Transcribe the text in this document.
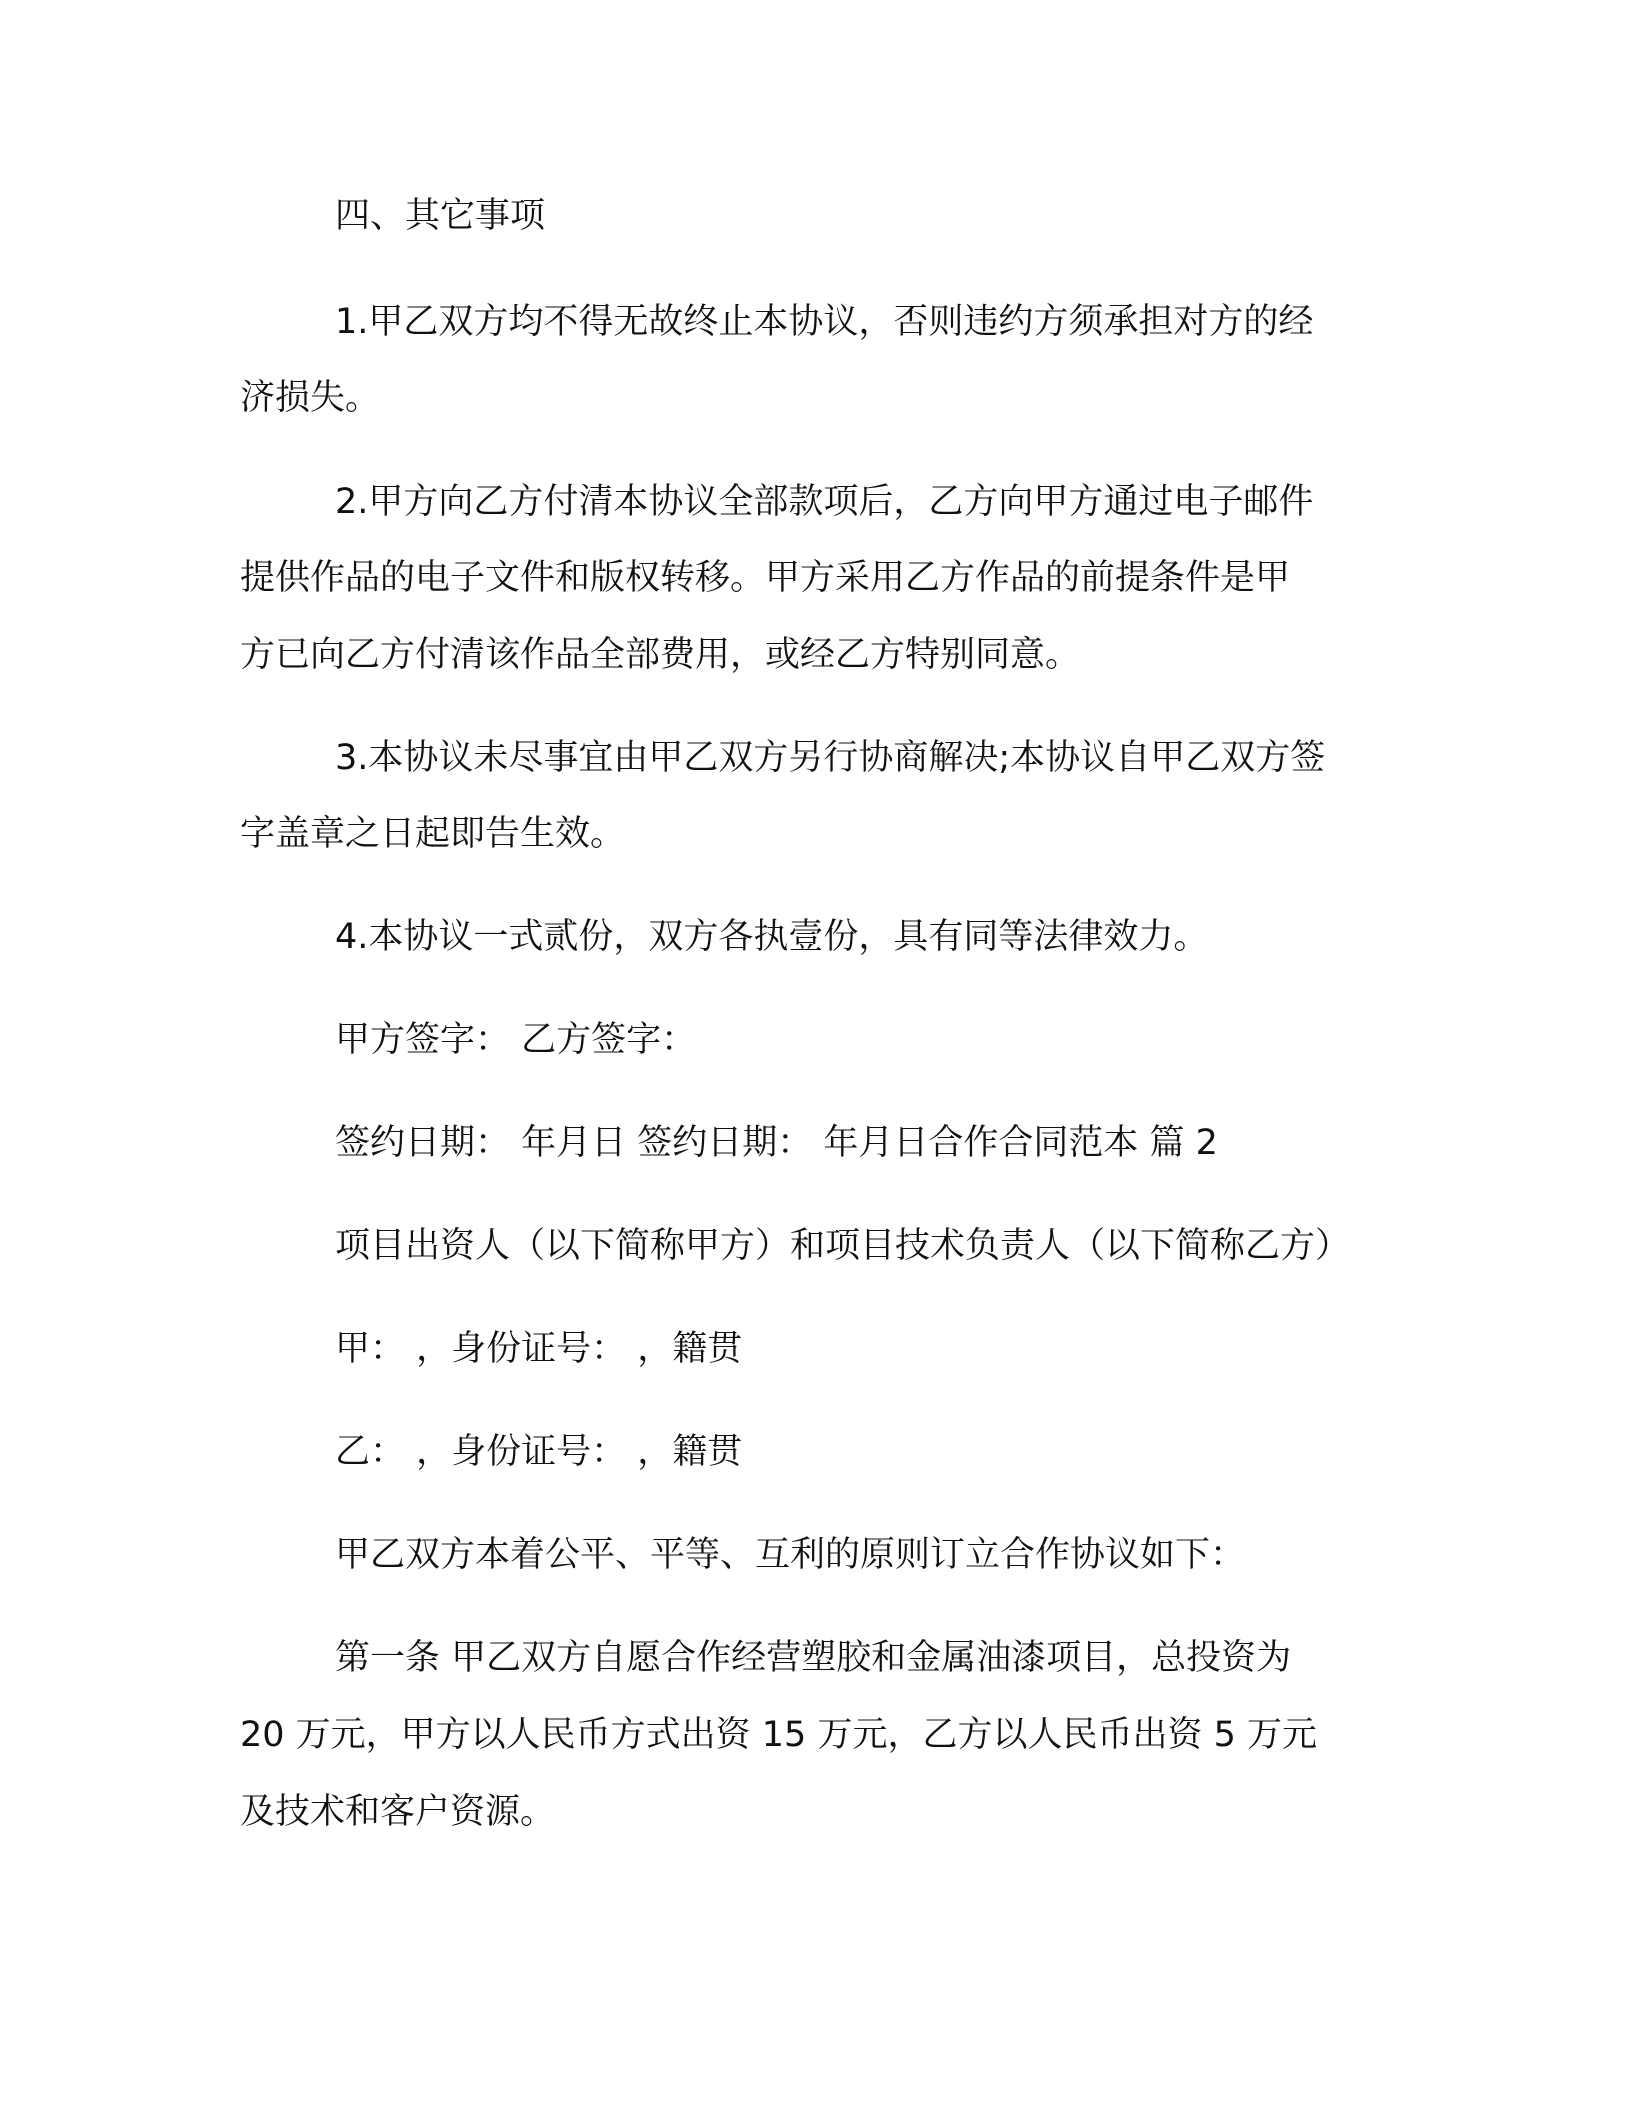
四、其它事项

1.甲乙双方均不得无故终止本协议，否则违约方须承担对方的经

济损失。

2.甲方向乙方付清本协议全部款项后，乙方向甲方通过电子邮件

提供作品的电子文件和版权转移。甲方采用乙方作品的前提条件是甲

方已向乙方付清该作品全部费用，或经乙方特别同意。

3.本协议未尽事宜由甲乙双方另行协商解决;本协议自甲乙双方签

字盖章之日起即告生效。

4.本协议一式贰份，双方各执壹份，具有同等法律效力。

甲方签字： 乙方签字：

签约日期： 年月日 签约日期： 年月日合作合同范本 篇 2

项目出资人（以下简称甲方）和项目技术负责人（以下简称乙方）

甲： ，身份证号： ，籍贯

乙： ，身份证号： ，籍贯

甲乙双方本着公平、平等、互利的原则订立合作协议如下：

第一条 甲乙双方自愿合作经营塑胶和金属油漆项目，总投资为

20 万元，甲方以人民币方式出资 15 万元，乙方以人民币出资 5 万元

及技术和客户资源。
